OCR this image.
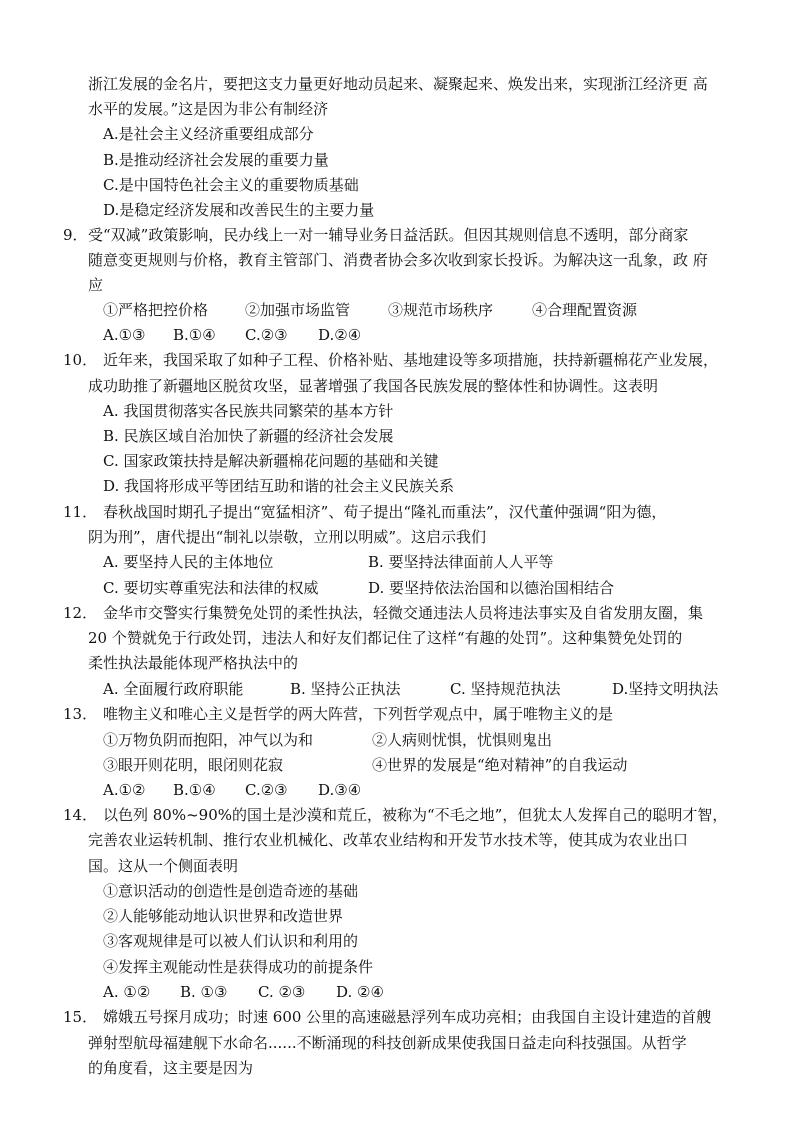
浙江发展的金名片，要把这支力量更好地动员起来、凝聚起来、焕发出来，实现浙江经济更 高
水平的发展。”这是因为非公有制经济
A.是社会主义经济重要组成部分
B.是推动经济社会发展的重要力量
C.是中国特色社会主义的重要物质基础
D.是稳定经济发展和改善民生的主要力量
9． 受“双减”政策影响，民办线上一对一辅导业务日益活跃。但因其规则信息不透明，部分商家
随意变更规则与价格，教育主管部门、消费者协会多次收到家长投诉。为解决这一乱象，政 府
应
①严格把控价格 ②加强市场监管	③规范市场秩序	④合理配置资源
A.①③ B.①④ C.②③ D.②④
10． 近年来，我国采取了如种子工程、价格补贴、基地建设等多项措施，扶持新疆棉花产业发展，
成功助推了新疆地区脱贫攻坚，显著增强了我国各民族发展的整体性和协调性。这表明
A. 我国贯彻落实各民族共同繁荣的基本方针
B. 民族区域自治加快了新疆的经济社会发展
C. 国家政策扶持是解决新疆棉花问题的基础和关键
D. 我国将形成平等团结互助和谐的社会主义民族关系
11． 春秋战国时期孔子提出“宽猛相济”、荀子提出“隆礼而重法”，汉代董仲强调“阳为德，
阴为刑”，唐代提出“制礼以崇敬，立刑以明威”。这启示我们
A. 要坚持人民的主体地位	B. 要坚持法律面前人人平等
C. 要切实尊重宪法和法律的权威	D. 要坚持依法治国和以德治国相结合
12． 金华市交警实行集赞免处罚的柔性执法，轻微交通违法人员将违法事实及自省发朋友圈，集
20 个赞就免于行政处罚，违法人和好友们都记住了这样“有趣的处罚”。这种集赞免处罚的
柔性执法最能体现严格执法中的
A. 全面履行政府职能	B. 坚持公正执法	C. 坚持规范执法	D.坚持文明执法
13． 唯物主义和唯心主义是哲学的两大阵营，下列哲学观点中，属于唯物主义的是
①万物负阴而抱阳，冲气以为和	②人病则忧惧，忧惧则鬼出
③眼开则花明，眼闭则花寂	④世界的发展是“绝对精神”的自我运动
A.①② B.①④ C.②③ D.③④
14． 以色列 80%~90%的国土是沙漠和荒丘，被称为“不毛之地”，但犹太人发挥自己的聪明才智，
完善农业运转机制、推行农业机械化、改革农业结构和开发节水技术等，使其成为农业出口
国。这从一个侧面表明
①意识活动的创造性是创造奇迹的基础
②人能够能动地认识世界和改造世界
③客观规律是可以被人们认识和利用的
④发挥主观能动性是获得成功的前提条件
A. ①② B. ①③ C. ②③ D. ②④
15． 嫦娥五号探月成功；时速 600 公里的高速磁悬浮列车成功亮相；由我国自主设计建造的首艘
弹射型航母福建舰下水命名......不断涌现的科技创新成果使我国日益走向科技强国。从哲学
的角度看，这主要是因为
